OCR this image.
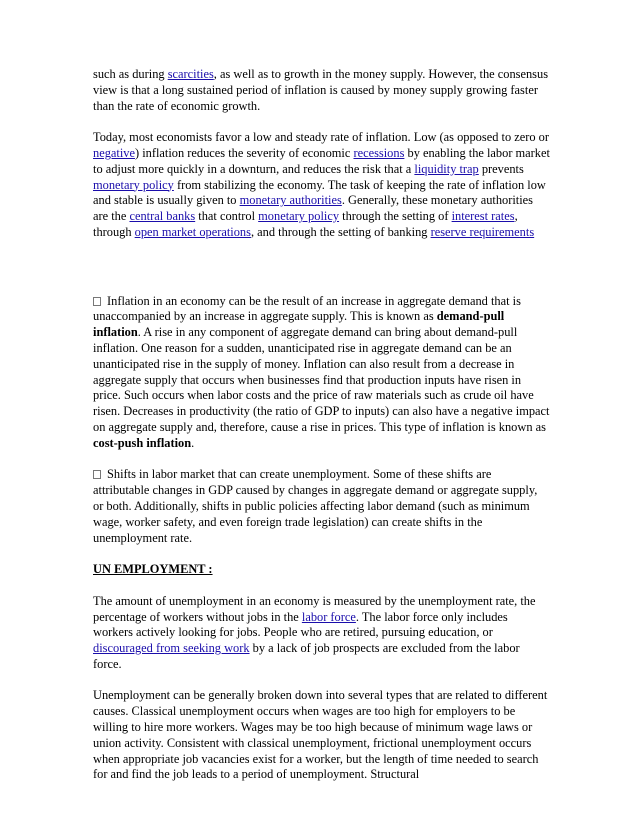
such as during scarcities, as well as to growth in the money supply. However, the consensus view is that a long sustained period of inflation is caused by money supply growing faster than the rate of economic growth.

Today, most economists favor a low and steady rate of inflation. Low (as opposed to zero or negative) inflation reduces the severity of economic recessions by enabling the labor market to adjust more quickly in a downturn, and reduces the risk that a liquidity trap prevents monetary policy from stabilizing the economy. The task of keeping the rate of inflation low and stable is usually given to monetary authorities. Generally, these monetary authorities are the central banks that control monetary policy through the setting of interest rates, through open market operations, and through the setting of banking reserve requirements

Inflation in an economy can be the result of an increase in aggregate demand that is unaccompanied by an increase in aggregate supply. This is known as demand-pull inflation. A rise in any component of aggregate demand can bring about demand-pull inflation. One reason for a sudden, unanticipated rise in aggregate demand can be an unanticipated rise in the supply of money. Inflation can also result from a decrease in aggregate supply that occurs when businesses find that production inputs have risen in price. Such occurs when labor costs and the price of raw materials such as crude oil have risen. Decreases in productivity (the ratio of GDP to inputs) can also have a negative impact on aggregate supply and, therefore, cause a rise in prices. This type of inflation is known as cost-push inflation.

Shifts in labor market that can create unemployment. Some of these shifts are attributable changes in GDP caused by changes in aggregate demand or aggregate supply, or both. Additionally, shifts in public policies affecting labor demand (such as minimum wage, worker safety, and even foreign trade legislation) can create shifts in the unemployment rate.

UN EMPLOYMENT :

The amount of unemployment in an economy is measured by the unemployment rate, the percentage of workers without jobs in the labor force. The labor force only includes workers actively looking for jobs. People who are retired, pursuing education, or discouraged from seeking work by a lack of job prospects are excluded from the labor force.

Unemployment can be generally broken down into several types that are related to different causes. Classical unemployment occurs when wages are too high for employers to be willing to hire more workers. Wages may be too high because of minimum wage laws or union activity. Consistent with classical unemployment, frictional unemployment occurs when appropriate job vacancies exist for a worker, but the length of time needed to search for and find the job leads to a period of unemployment. Structural
